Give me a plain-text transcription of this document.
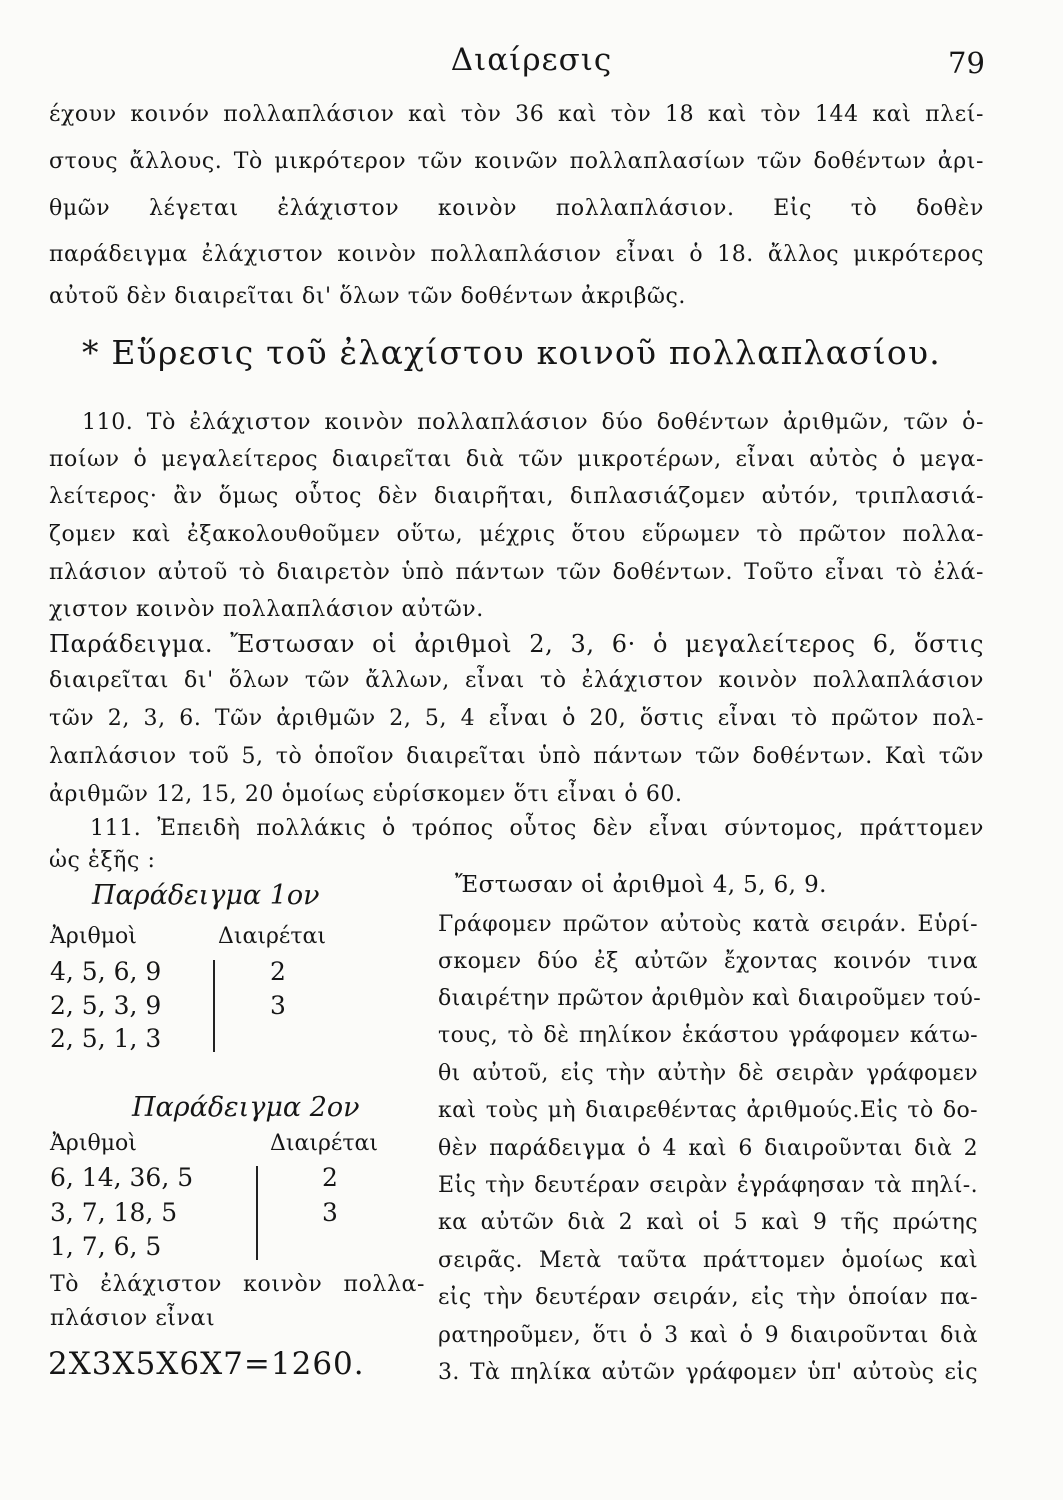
Διαίρεσις	79
έχουν κοινόν πολλαπλάσιον καὶ τὸν 36 καὶ τὸν 18 καὶ τὸν 144 καὶ πλεί-
στους ἄλλους. Τὸ μικρότερον τῶν κοινῶν πολλαπλασίων τῶν δοθέντων ἀρι-
θμῶν λέγεται ἐλάχιστον κοινὸν πολλαπλάσιον. Εἰς τὸ δοθὲν
παράδειγμα ἐλάχιστον κοινὸν πολλαπλάσιον εἶναι ὁ 18. ἄλλος μικρότερος
αὐτοῦ δὲν διαιρεῖται δι' ὅλων τῶν δοθέντων ἀκριβῶς.
* Εὕρεσις τοῦ ἐλαχίστου κοινοῦ πολλαπλασίου.
110. Τὸ ἐλάχιστον κοινὸν πολλαπλάσιον δύο δοθέντων ἀριθμῶν, τῶν ὁ-
ποίων ὁ μεγαλείτερος διαιρεῖται διὰ τῶν μικροτέρων, εἶναι αὐτὸς ὁ μεγα-
λείτερος· ἂν ὅμως οὗτος δὲν διαιρῆται, διπλασιάζομεν αὐτόν, τριπλασιά-
ζομεν καὶ ἐξακολουθοῦμεν οὕτω, μέχρις ὅτου εὕρωμεν τὸ πρῶτον πολλα-
πλάσιον αὐτοῦ τὸ διαιρετὸν ὑπὸ πάντων τῶν δοθέντων. Τοῦτο εἶναι τὸ ἐλά-
χιστον κοινὸν πολλαπλάσιον αὐτῶν.
Παράδειγμα. Ἔστωσαν οἱ ἀριθμοὶ 2, 3, 6· ὁ μεγαλείτερος 6, ὅστις
διαιρεῖται δι' ὅλων τῶν ἄλλων, εἶναι τὸ ἐλάχιστον κοινὸν πολλαπλάσιον
τῶν 2, 3, 6. Τῶν ἀριθμῶν 2, 5, 4 εἶναι ὁ 20, ὅστις εἶναι τὸ πρῶτον πολ-
λαπλάσιον τοῦ 5, τὸ ὁποῖον διαιρεῖται ὑπὸ πάντων τῶν δοθέντων. Καὶ τῶν
ἀριθμῶν 12, 15, 20 ὁμοίως εὑρίσκομεν ὅτι εἶναι ὁ 60.
111. Ἐπειδὴ πολλάκις ὁ τρόπος οὗτος δὲν εἶναι σύντομος, πράττομεν
ὡς ἑξῆς :
Παράδειγμα 1ον
Ἀριθμοὶ	Διαιρέται
4, 5, 6, 9	2
2, 5, 3, 9	3
2, 5, 1, 3
Παράδειγμα 2ον
Ἀριθμοὶ	Διαιρέται
6, 14, 36, 5	2
3, 7, 18, 5	3
1, 7, 6, 5
Τὸ ἐλάχιστον κοινὸν πολλα-
πλάσιον εἶναι
2X3X5X6X7=1260.
Ἔστωσαν οἱ ἀριθμοὶ 4, 5, 6, 9.
Γράφομεν πρῶτον αὐτοὺς κατὰ σειράν. Εὑρί-
σκομεν δύο ἐξ αὐτῶν ἔχοντας κοινόν τινα
διαιρέτην πρῶτον ἀριθμὸν καὶ διαιροῦμεν τού-
τους, τὸ δὲ πηλίκον ἑκάστου γράφομεν κάτω-
θι αὐτοῦ, εἰς τὴν αὐτὴν δὲ σειρὰν γράφομεν
καὶ τοὺς μὴ διαιρεθέντας ἀριθμούς.Εἰς τὸ δο-
θὲν παράδειγμα ὁ 4 καὶ 6 διαιροῦνται διὰ 2
Εἰς τὴν δευτέραν σειρὰν ἐγράφησαν τὰ πηλί-.
κα αὐτῶν διὰ 2 καὶ οἱ 5 καὶ 9 τῆς πρώτης
σειρᾶς. Μετὰ ταῦτα πράττομεν ὁμοίως καὶ
εἰς τὴν δευτέραν σειράν, εἰς τὴν ὁποίαν πα-
ρατηροῦμεν, ὅτι ὁ 3 καὶ ὁ 9 διαιροῦνται διὰ
3. Τὰ πηλίκα αὐτῶν γράφομεν ὑπ' αὐτοὺς εἰς
